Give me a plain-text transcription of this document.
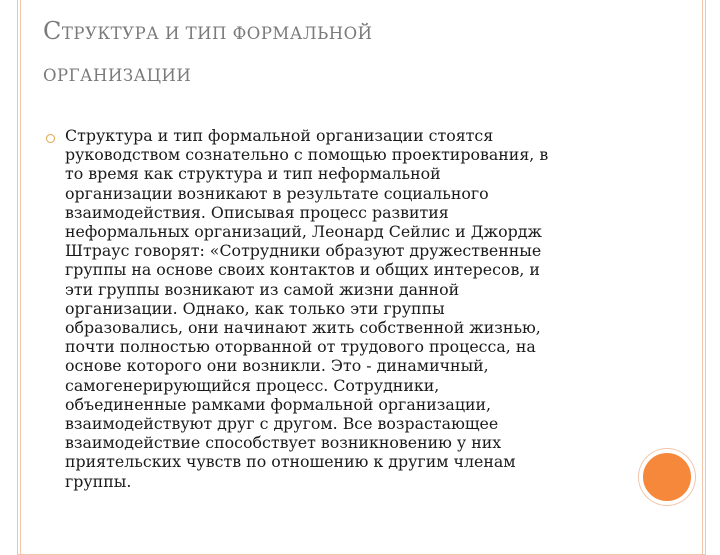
СТРУКТУРА И ТИП ФОРМАЛЬНОЙ
ОРГАНИЗАЦИИ

Структура и тип формальной организации стоятся
руководством сознательно с помощью проектирования, в
то время как структура и тип неформальной
организации возникают в результате социального
взаимодействия. Описывая процесс развития
неформальных организаций, Леонард Сейлис и Джордж
Штраус говорят: «Сотрудники образуют дружественные
группы на основе своих контактов и общих интересов, и
эти группы возникают из самой жизни данной
организации. Однако, как только эти группы
образовались, они начинают жить собственной жизнью,
почти полностью оторванной от трудового процесса, на
основе которого они возникли. Это - динамичный,
самогенерирующийся процесс. Сотрудники,
объединенные рамками формальной организации,
взаимодействуют друг с другом. Все возрастающее
взаимодействие способствует возникновению у них
приятельских чувств по отношению к другим членам
группы.
